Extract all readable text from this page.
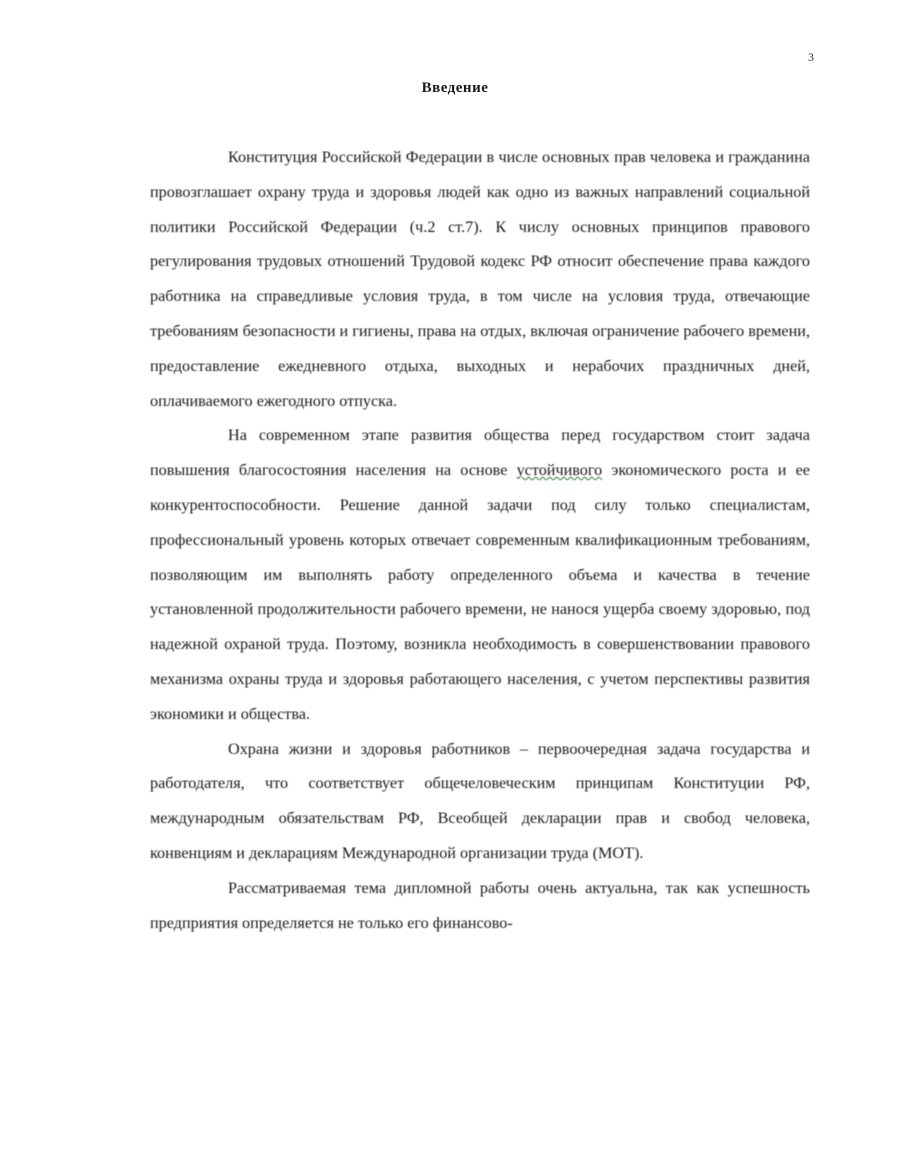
3
Введение

Конституция Российской Федерации в числе основных прав человека и гражданина провозглашает охрану труда и здоровья людей как одно из важных направлений социальной политики Российской Федерации (ч.2 ст.7). К числу основных принципов правового регулирования трудовых отношений Трудовой кодекс РФ относит обеспечение права каждого работника на справедливые условия труда, в том числе на условия труда, отвечающие требованиям безопасности и гигиены, права на отдых, включая ограничение рабочего времени, предоставление ежедневного отдыха, выходных и нерабочих праздничных дней, оплачиваемого ежегодного отпуска.

На современном этапе развития общества перед государством стоит задача повышения благосостояния населения на основе устойчивого экономического роста и ее конкурентоспособности. Решение данной задачи под силу только специалистам, профессиональный уровень которых отвечает современным квалификационным требованиям, позволяющим им выполнять работу определенного объема и качества в течение установленной продолжительности рабочего времени, не нанося ущерба своему здоровью, под надежной охраной труда. Поэтому, возникла необходимость в совершенствовании правового механизма охраны труда и здоровья работающего населения, с учетом перспективы развития экономики и общества.

Охрана жизни и здоровья работников – первоочередная задача государства и работодателя, что соответствует общечеловеческим принципам Конституции РФ, международным обязательствам РФ, Всеобщей декларации прав и свобод человека, конвенциям и декларациям Международной организации труда (МОТ).

Рассматриваемая тема дипломной работы очень актуальна, так как успешность предприятия определяется не только его финансово-
